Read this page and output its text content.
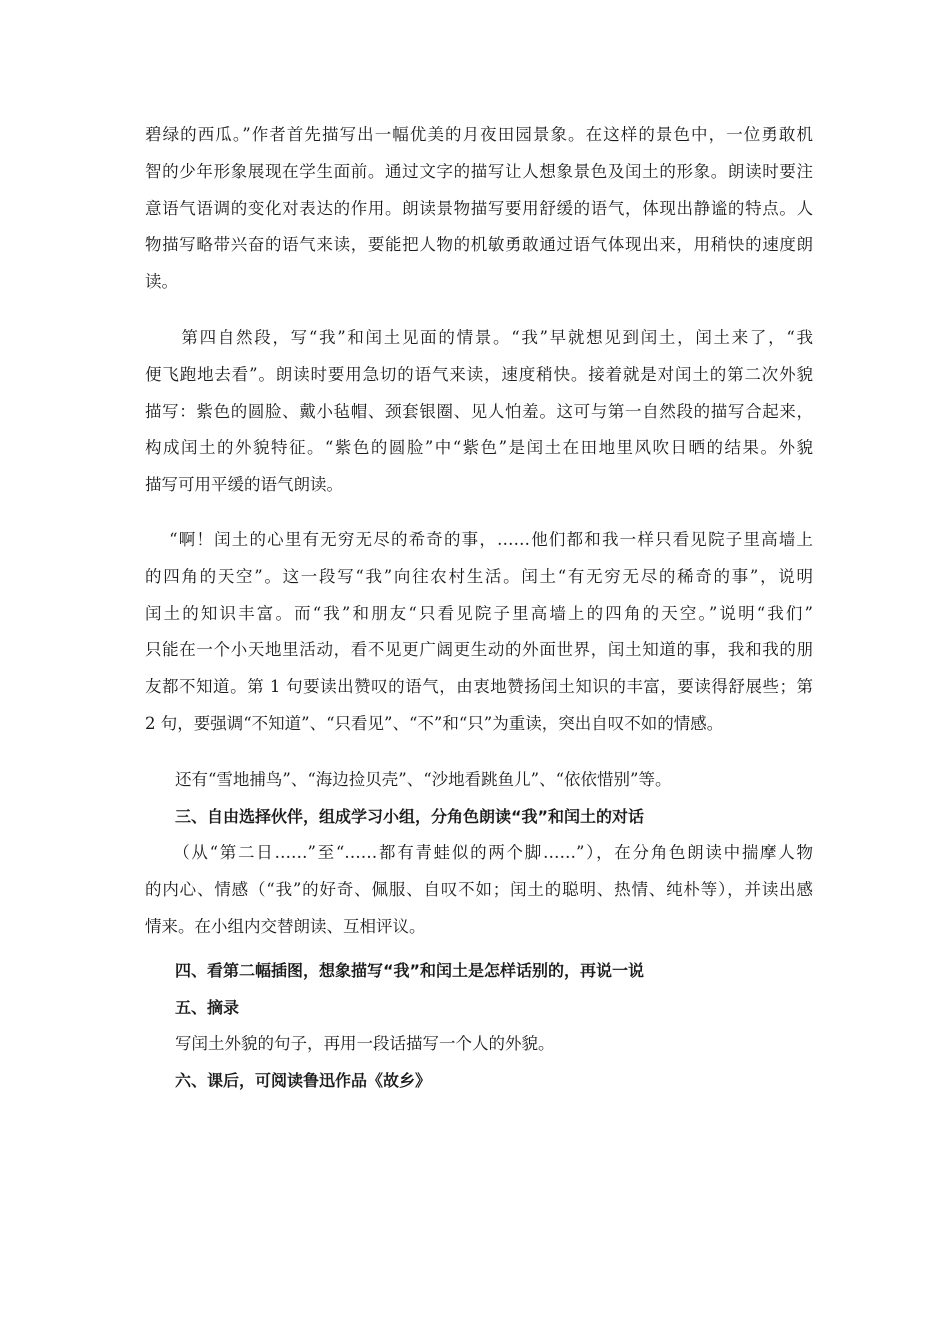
碧绿的西瓜。”作者首先描写出一幅优美的月夜田园景象。在这样的景色中，一位勇敢机
智的少年形象展现在学生面前。通过文字的描写让人想象景色及闰土的形象。朗读时要注
意语气语调的变化对表达的作用。朗读景物描写要用舒缓的语气，体现出静谧的特点。人
物描写略带兴奋的语气来读，要能把人物的机敏勇敢通过语气体现出来，用稍快的速度朗
读。
　　第四自然段，写“我”和闰土见面的情景。“我”早就想见到闰土，闰土来了，“我
便飞跑地去看”。朗读时要用急切的语气来读，速度稍快。接着就是对闰土的第二次外貌
描写：紫色的圆脸、戴小毡帽、颈套银圈、见人怕羞。这可与第一自然段的描写合起来，
构成闰土的外貌特征。“紫色的圆脸”中“紫色”是闰土在田地里风吹日晒的结果。外貌
描写可用平缓的语气朗读。
　 “啊！闰土的心里有无穷无尽的希奇的事，……他们都和我一样只看见院子里高墙上
的四角的天空”。这一段写“我”向往农村生活。闰土“有无穷无尽的稀奇的事”，说明
闰土的知识丰富。而“我”和朋友“只看见院子里高墙上的四角的天空。”说明“我们”
只能在一个小天地里活动，看不见更广阔更生动的外面世界，闰土知道的事，我和我的朋
友都不知道。第 1 句要读出赞叹的语气，由衷地赞扬闰土知识的丰富，要读得舒展些；第
2 句，要强调“不知道”、“只看见”、“不”和“只”为重读，突出自叹不如的情感。

还有“雪地捕鸟”、“海边捡贝壳”、“沙地看跳鱼儿”、“依依惜别”等。

三、自由选择伙伴，组成学习小组，分角色朗读“我”和闰土的对话

　　（从“第二日……”至“……都有青蛙似的两个脚……”），在分角色朗读中揣摩人物
的内心、情感（“我”的好奇、佩服、自叹不如；闰土的聪明、热情、纯朴等），并读出感
情来。在小组内交替朗读、互相评议。

四、看第二幅插图，想象描写“我”和闰土是怎样话别的，再说一说

五、摘录

写闰土外貌的句子，再用一段话描写一个人的外貌。

六、课后，可阅读鲁迅作品《故乡》
